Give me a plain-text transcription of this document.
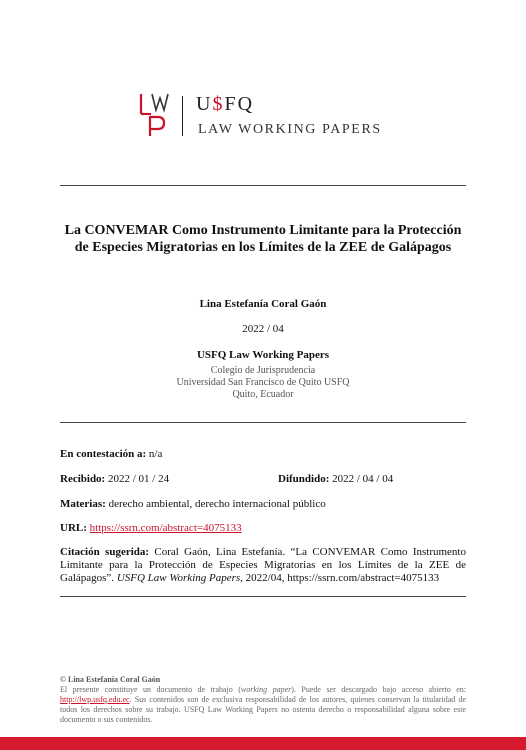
U$FQ
LAW WORKING PAPERS
La CONVEMAR Como Instrumento Limitante para la Protección de Especies Migratorias en los Límites de la ZEE de Galápagos
Lina Estefanía Coral Gaón
2022 / 04
USFQ Law Working Papers
Colegio de Jurisprudencia
Universidad San Francisco de Quito USFQ
Quito, Ecuador
En contestación a: n/a
Recibido: 2022 / 01 / 24	Difundido: 2022 / 04 / 04
Materias: derecho ambiental, derecho internacional público
URL: https://ssrn.com/abstract=4075133
Citación sugerida: Coral Gaón, Lina Estefanía. “La CONVEMAR Como Instrumento Limitante para la Protección de Especies Migratorias en los Límites de la ZEE de Galápagos”. USFQ Law Working Papers, 2022/04, https://ssrn.com/abstract=4075133
© Lina Estefanía Coral Gaón
El presente constituye un documento de trabajo (working paper). Puede ser descargado bajo acceso abierto en: http://lwp.usfq.edu.ec. Sus contenidos son de exclusiva responsabilidad de los autores, quienes conservan la titularidad de todos los derechos sobre su trabajo. USFQ Law Working Papers no ostenta derecho o responsabilidad alguna sobre este documento o sus contenidos.
